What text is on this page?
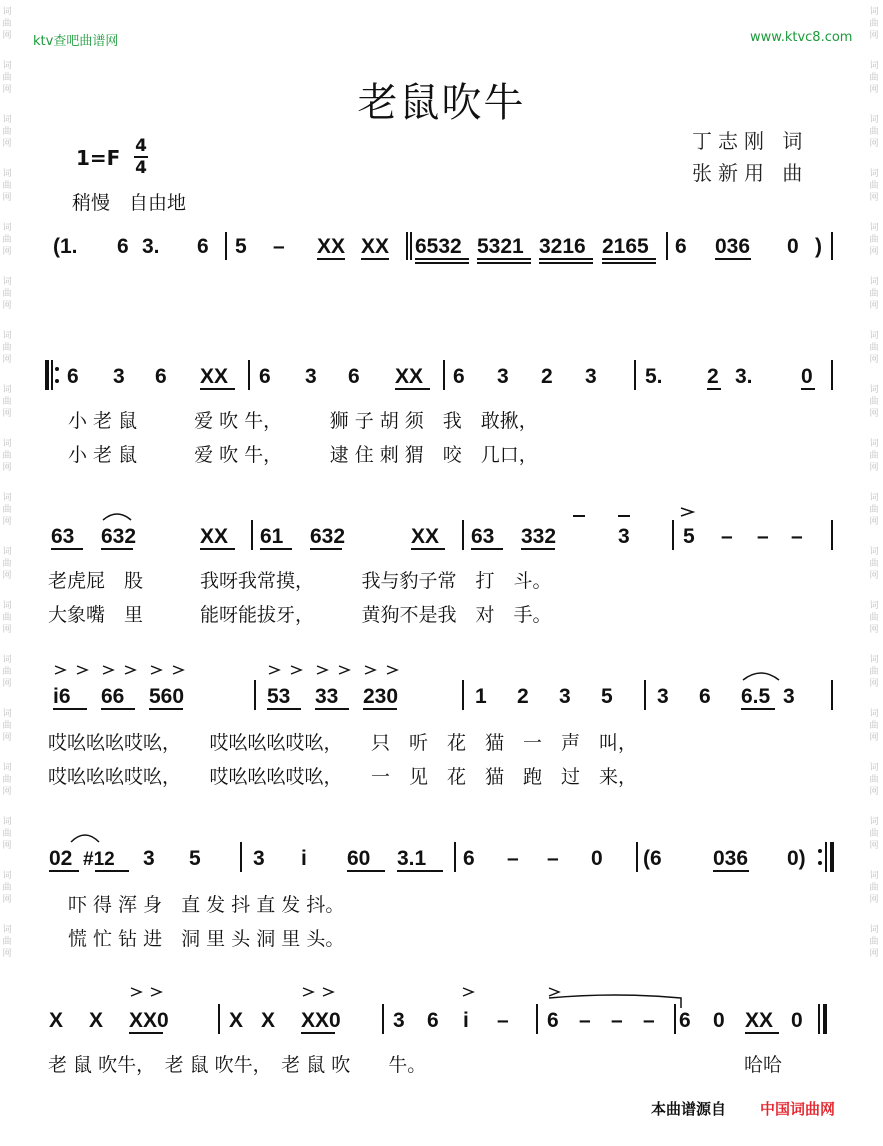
词曲网
词曲网
词曲网
词曲网
词曲网
词曲网
词曲网
词曲网
词曲网
词曲网
词曲网
词曲网
词曲网
词曲网
词曲网
词曲网
词曲网
词曲网
词曲网
词曲网
词曲网
词曲网
词曲网
词曲网
词曲网
词曲网
词曲网
词曲网
词曲网
词曲网
词曲网
词曲网
词曲网
词曲网
词曲网
词曲网
ktv查吧曲谱网	www.ktvc8.com
老鼠吹牛
丁志刚 词
张新用 曲
1=F 4
4
稍慢　自由地
(1. 6 3. 6 5 – XX XX 6532 5321 3216 2165 6 036 0 )
6 3 6 XX 6 3 6 XX 6 3 2 3 5. 2 3. 0
小 老 鼠　　　爱 吹 牛，　　　狮 子 胡 须　我　敢揪，
小 老 鼠　　　爱 吹 牛，　　　逮 住 刺 猬　咬　几口，
63 632	XX 61 632	XX 63 332	3	5 – – –
老虎屁　股　　　我呀我常摸，　　　我与豹子常　打　斗。
大象嘴　里　　　能呀能拔牙，　　　黄狗不是我　对　手。
i6 66 560	53 33 230	1 2 3 5 3 6 6.5 3
哎吆吆吆哎吆，　　哎吆吆吆哎吆，　　只　听　花　猫　一　声　叫，
哎吆吆吆哎吆，　　哎吆吆吆哎吆，　　一　见　花　猫　跑　过　来，
02 #12 3 5 3 i 60 3.1 6 – – 0 (6 036 0)
吓 得 浑 身　直 发 抖 直 发 抖。
慌 忙 钻 进　洞 里 头 洞 里 头。
X X XX0	X X XX0 3 6 i – 6 – – – 6 0 XX 0
老 鼠 吹牛，　老 鼠 吹牛，　老 鼠 吹　　牛。	哈哈
本曲谱源自 中国词曲网
